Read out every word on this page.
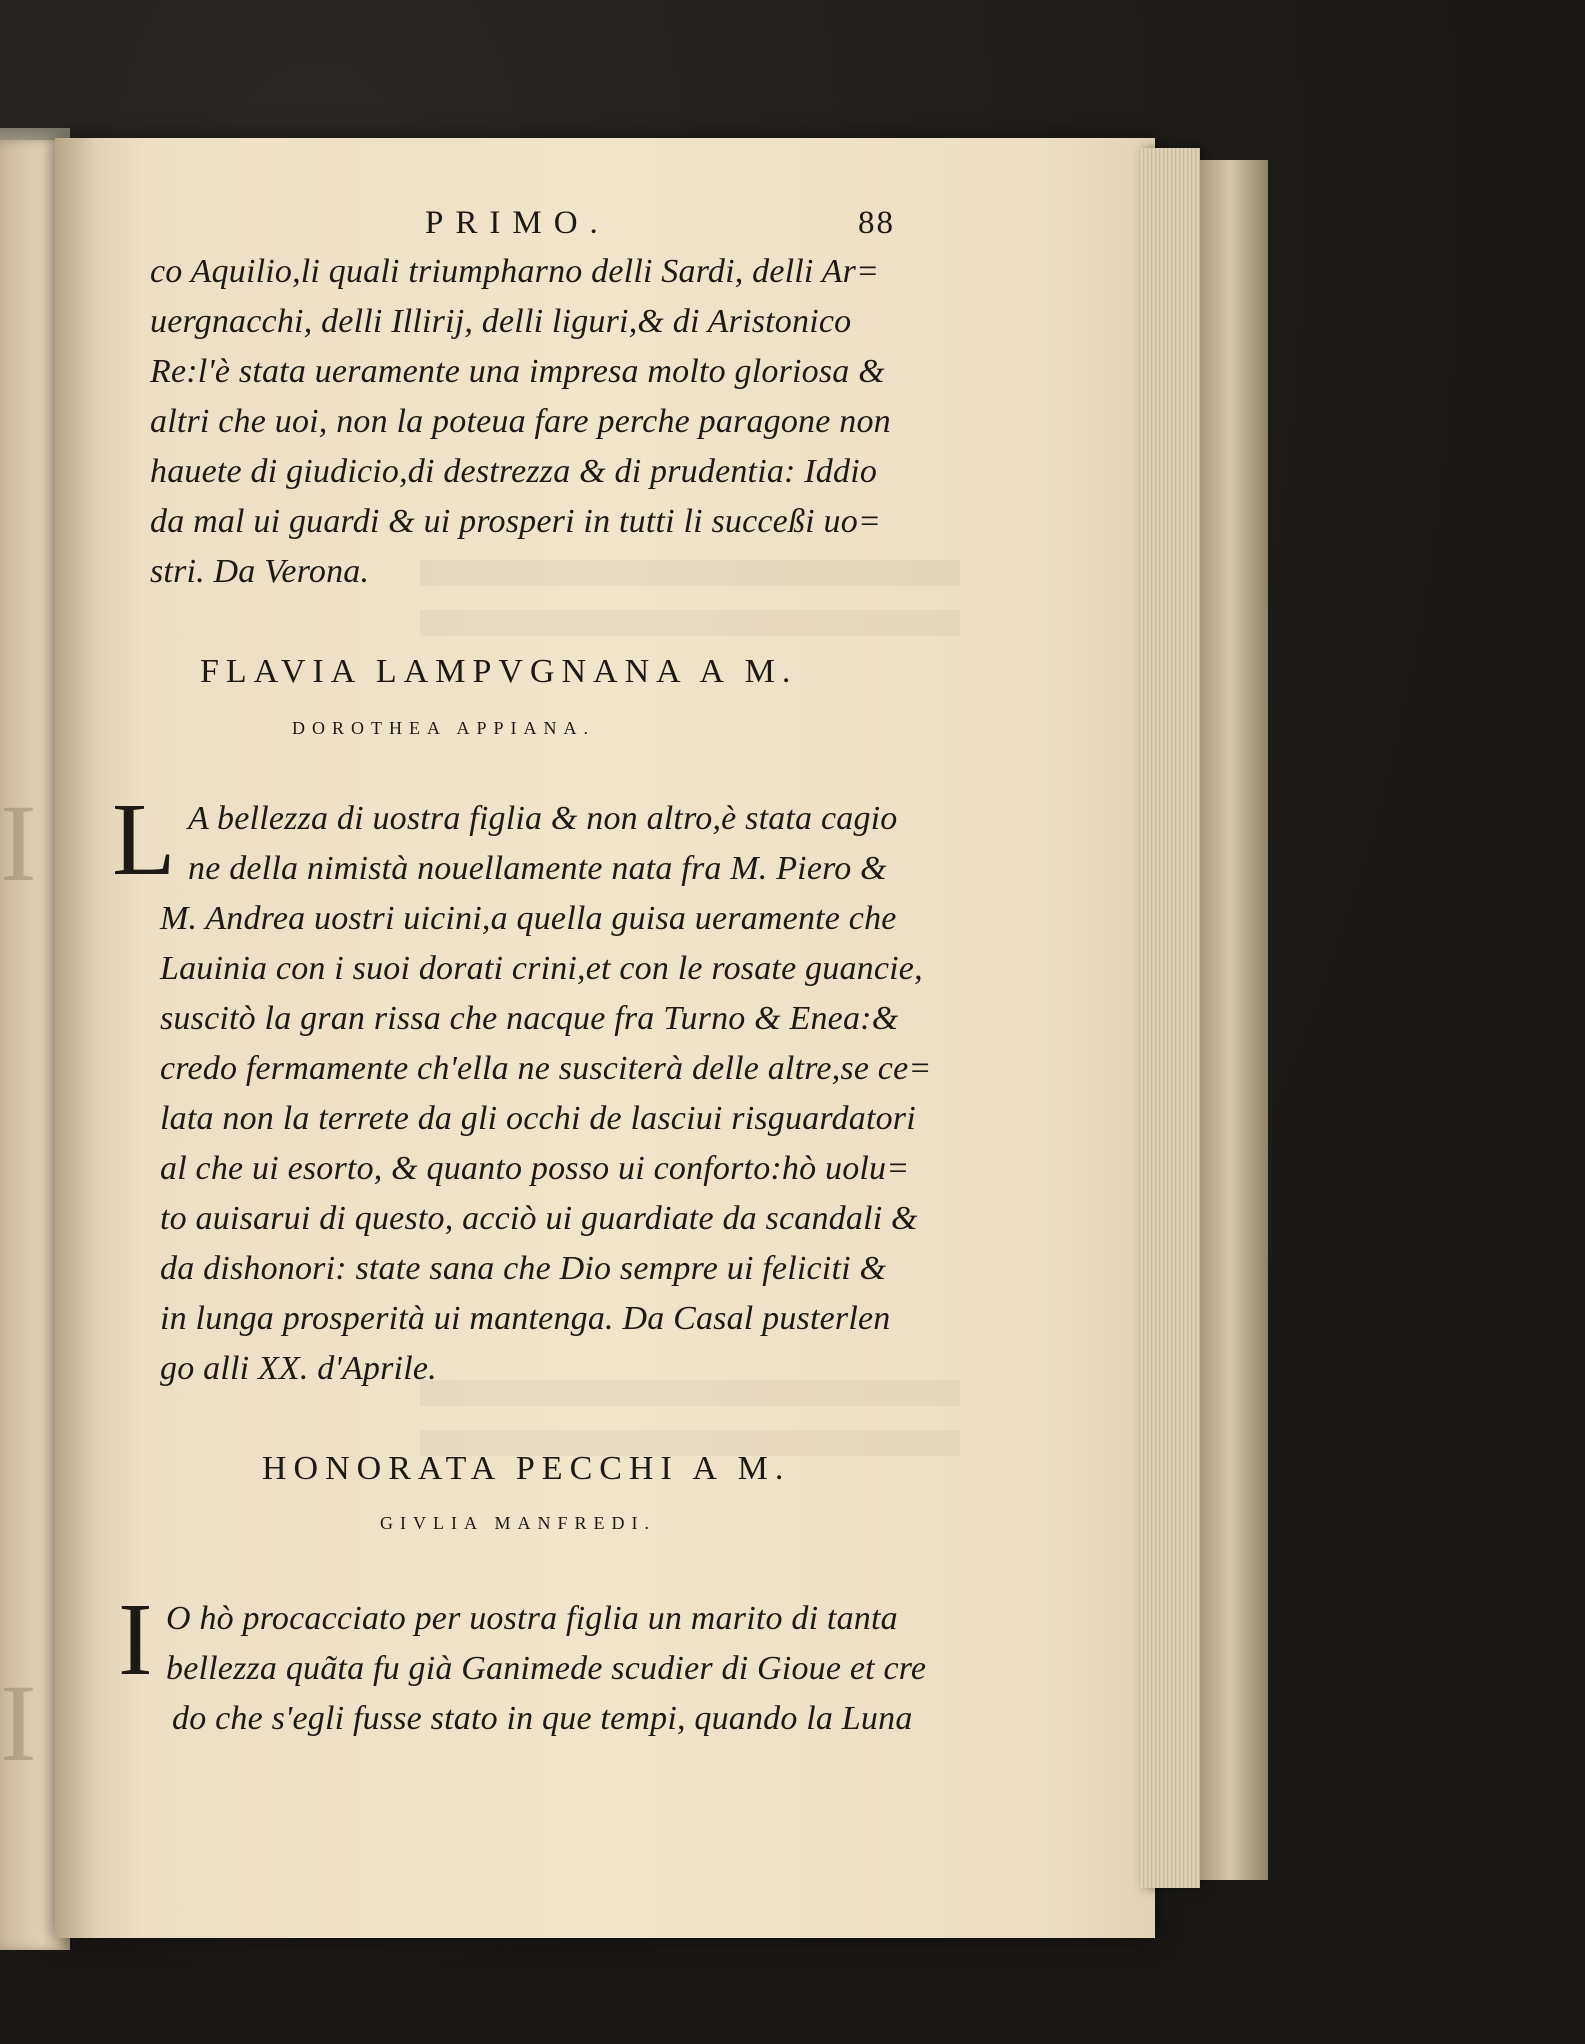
I
I
PRIMO.	88
co Aquilio,li quali triumpharno delli Sardi, delli Ar=
uergnacchi, delli Illirij, delli liguri,& di Aristonico
Re:l'è stata ueramente una impresa molto gloriosa &
altri che uoi, non la poteua fare perche paragone non
hauete di giudicio,di destrezza & di prudentia: Iddio
da mal ui guardi & ui prosperi in tutti li succeßi uo=
stri. Da Verona.
FLAVIA LAMPVGNANA A M.
DOROTHEA APPIANA.
L A bellezza di uostra figlia & non altro,è stata cagio
ne della nimistà nouellamente nata fra M. Piero &
M. Andrea uostri uicini,a quella guisa ueramente che
Lauinia con i suoi dorati crini,et con le rosate guancie,
suscitò la gran rissa che nacque fra Turno & Enea:&
credo fermamente ch'ella ne susciterà delle altre,se ce=
lata non la terrete da gli occhi de lasciui risguardatori
al che ui esorto, & quanto posso ui conforto:hò uolu=
to auisarui di questo, acciò ui guardiate da scandali &
da dishonori: state sana che Dio sempre ui feliciti &
in lunga prosperità ui mantenga. Da Casal pusterlen
go alli XX. d'Aprile.
HONORATA PECCHI A M.
GIVLIA MANFREDI.
I O hò procacciato per uostra figlia un marito di tanta
bellezza quãta fu già Ganimede scudier di Gioue et cre
do che s'egli fusse stato in que tempi, quando la Luna
